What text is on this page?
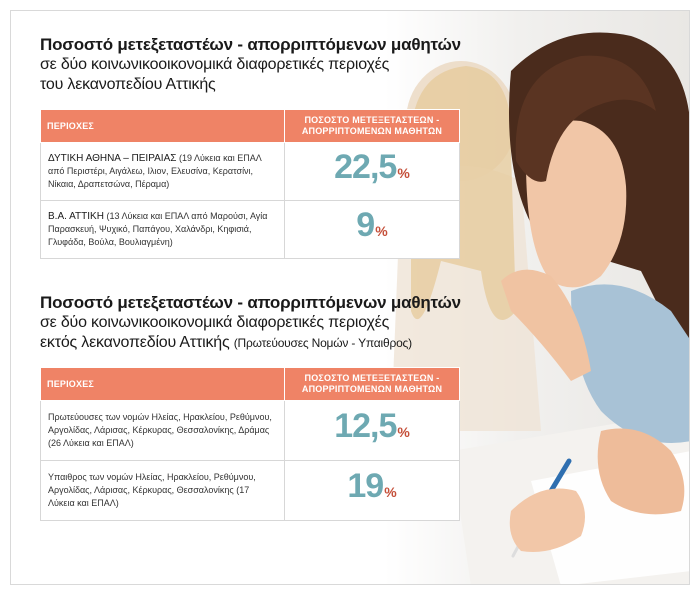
Ποσοστό μετεξεταστέων - απορριπτόμενων μαθητών
σε δύο κοινωνικοοικονομικά διαφορετικές περιοχές
του λεκανοπεδίου Αττικής
ΠΕΡΙΟΧΕΣ	ΠΟΣΟΣΤΟ ΜΕΤΕΞΕΤΑΣΤΕΩΝ - ΑΠΟΡΡΙΠΤΟΜΕΝΩΝ ΜΑΘΗΤΩΝ
ΔΥΤΙΚΗ ΑΘΗΝΑ – ΠΕΙΡΑΙΑΣ (19 Λύκεια και ΕΠΑΛ από Περιστέρι, Αιγάλεω, Ιλιον, Ελευσίνα, Κερατσίνι, Νίκαια, Δραπετσώνα, Πέραμα)	22,5%
Β.Α. ΑΤΤΙΚΗ (13 Λύκεια και ΕΠΑΛ από Μαρούσι, Αγία Παρασκευή, Ψυχικό, Παπάγου, Χαλάνδρι, Κηφισιά, Γλυφάδα, Βούλα, Βουλιαγμένη)	9%
Ποσοστό μετεξεταστέων - απορριπτόμενων μαθητών
σε δύο κοινωνικοοικονομικά διαφορετικές περιοχές
εκτός λεκανοπεδίου Αττικής (Πρωτεύουσες Νομών - Υπαιθρος)
ΠΕΡΙΟΧΕΣ	ΠΟΣΟΣΤΟ ΜΕΤΕΞΕΤΑΣΤΕΩΝ - ΑΠΟΡΡΙΠΤΟΜΕΝΩΝ ΜΑΘΗΤΩΝ
Πρωτεύουσες των νομών Ηλείας, Ηρακλείου, Ρεθύμνου, Αργολίδας, Λάρισας, Κέρκυρας, Θεσσαλονίκης, Δράμας (26 Λύκεια και ΕΠΑΛ)	12,5%
Υπαιθρος των νομών Ηλείας, Ηρακλείου, Ρεθύμνου, Αργολίδας, Λάρισας, Κέρκυρας, Θεσσαλονίκης (17 Λύκεια και ΕΠΑΛ)	19%
